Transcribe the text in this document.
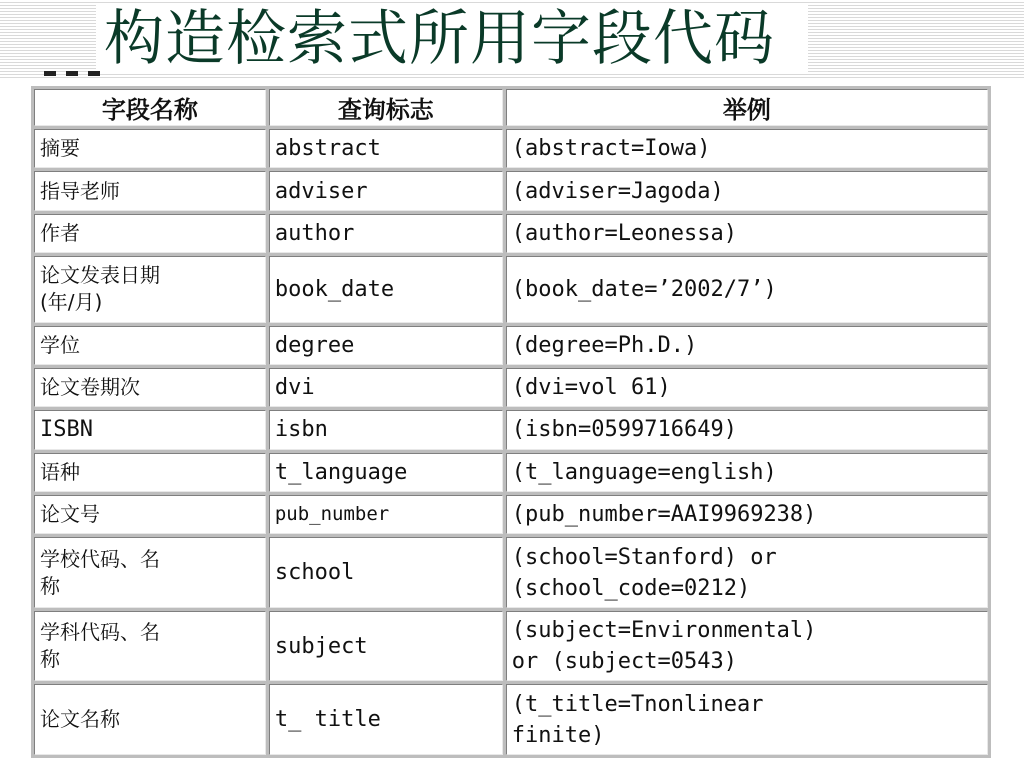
构造检索式所用字段代码
字段名称	查询标志	举例
摘要	abstract	(abstract=Iowa)
指导老师	adviser	(adviser=Jagoda)
作者	author	(author=Leonessa)
论文发表日期
(年/月)	book_date	(book_date=’2002/7’)
学位	degree	(degree=Ph.D.)
论文卷期次	dvi	(dvi=vol 61)
ISBN	isbn	(isbn=0599716649)
语种	t_language	(t_language=english)
论文号	pub_number	(pub_number=AAI9969238)
学校代码、名
称	school	(school=Stanford) or
(school_code=0212)
学科代码、名
称	subject	(subject=Environmental)
or (subject=0543)
论文名称	t_ title	(t_title=Tnonlinear
finite)
